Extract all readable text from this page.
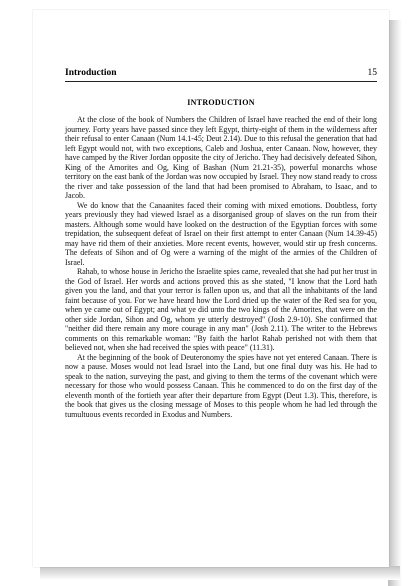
Introduction	15
INTRODUCTION

At the close of the book of Numbers the Children of Israel have reached the end of their long journey. Forty years have passed since they left Egypt, thirty-eight of them in the wilderness after their refusal to enter Canaan (Num 14.1-45; Deut 2.14). Due to this refusal the generation that had left Egypt would not, with two exceptions, Caleb and Joshua, enter Canaan. Now, however, they have camped by the River Jordan opposite the city of Jericho. They had decisively defeated Sihon, King of the Amorites and Og, King of Bashan (Num 21.21-35), powerful monarchs whose territory on the east bank of the Jordan was now occupied by Israel. They now stand ready to cross the river and take possession of the land that had been promised to Abraham, to Isaac, and to Jacob.

We do know that the Canaanites faced their coming with mixed emotions. Doubtless, forty years previously they had viewed Israel as a disorganised group of slaves on the run from their masters. Although some would have looked on the destruction of the Egyptian forces with some trepidation, the subsequent defeat of Israel on their first attempt to enter Canaan (Num 14.39-45) may have rid them of their anxieties. More recent events, however, would stir up fresh concerns. The defeats of Sihon and of Og were a warning of the might of the armies of the Children of Israel.

Rahab, to whose house in Jericho the Israelite spies came, revealed that she had put her trust in the God of Israel. Her words and actions proved this as she stated, "I know that the Lord hath given you the land, and that your terror is fallen upon us, and that all the inhabitants of the land faint because of you. For we have heard how the Lord dried up the water of the Red sea for you, when ye came out of Egypt; and what ye did unto the two kings of the Amorites, that were on the other side Jordan, Sihon and Og, whom ye utterly destroyed" (Josh 2.9-10). She confirmed that "neither did there remain any more courage in any man" (Josh 2.11). The writer to the Hebrews comments on this remarkable woman: "By faith the harlot Rahab perished not with them that believed not, when she had received the spies with peace" (11.31).

At the beginning of the book of Deuteronomy the spies have not yet entered Canaan. There is now a pause. Moses would not lead Israel into the Land, but one final duty was his. He had to speak to the nation, surveying the past, and giving to them the terms of the covenant which were necessary for those who would possess Canaan. This he commenced to do on the first day of the eleventh month of the fortieth year after their departure from Egypt (Deut 1.3). This, therefore, is the book that gives us the closing message of Moses to this people whom he had led through the tumultuous events recorded in Exodus and Numbers.
